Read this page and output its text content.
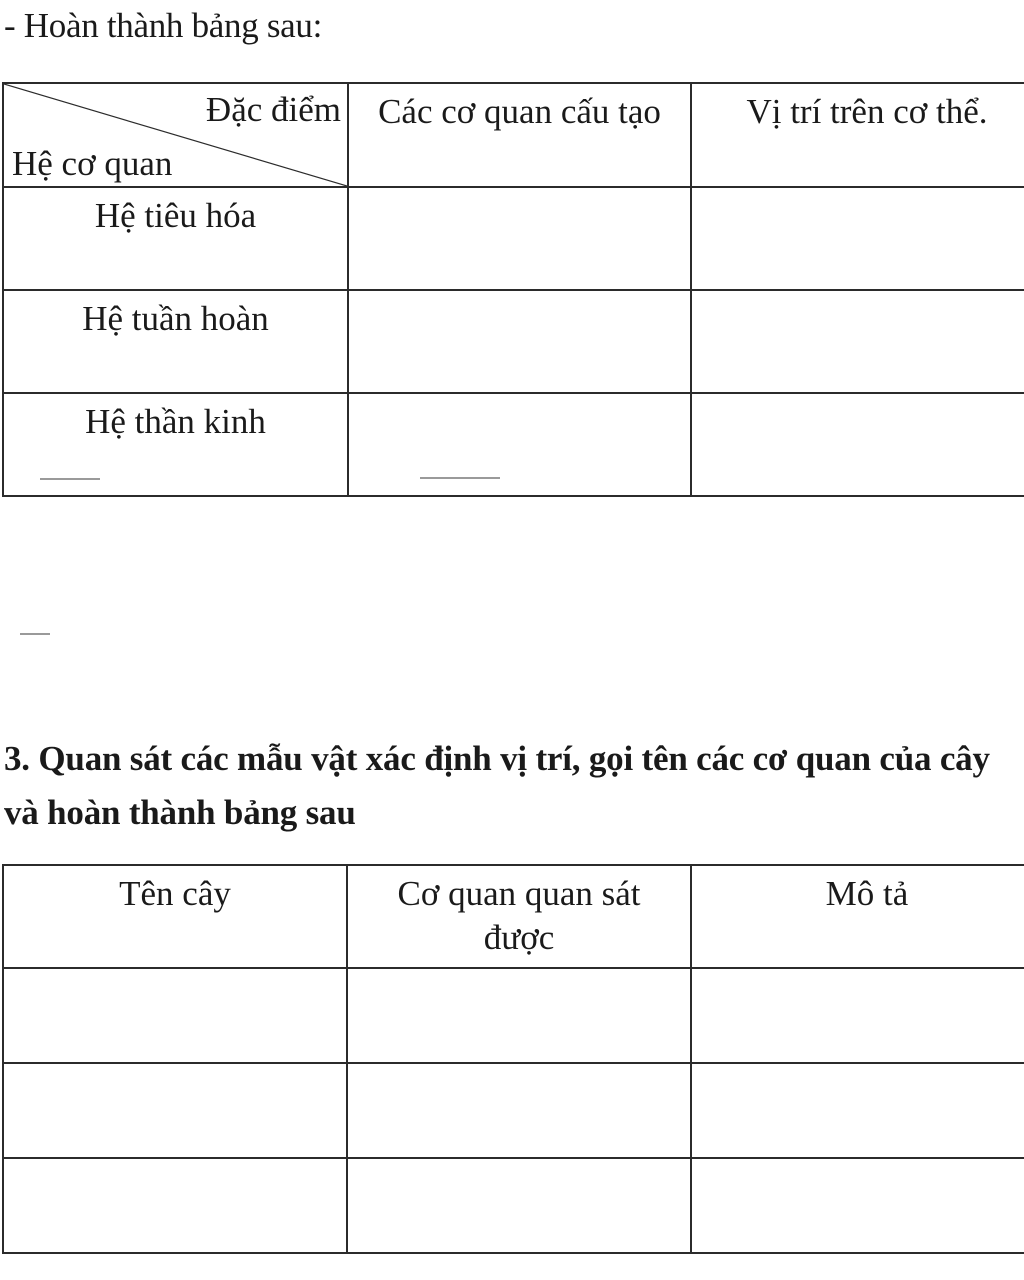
- Hoàn thành bảng sau:

Đặc điểm
Hệ cơ quan	Các cơ quan cấu tạo	Vị trí trên cơ thể.
Hệ tiêu hóa		
Hệ tuần hoàn		
Hệ thần kinh		

3. Quan sát các mẫu vật xác định vị trí, gọi tên các cơ quan của cây và hoàn thành bảng sau

Tên cây	Cơ quan quan sát được	Mô tả
